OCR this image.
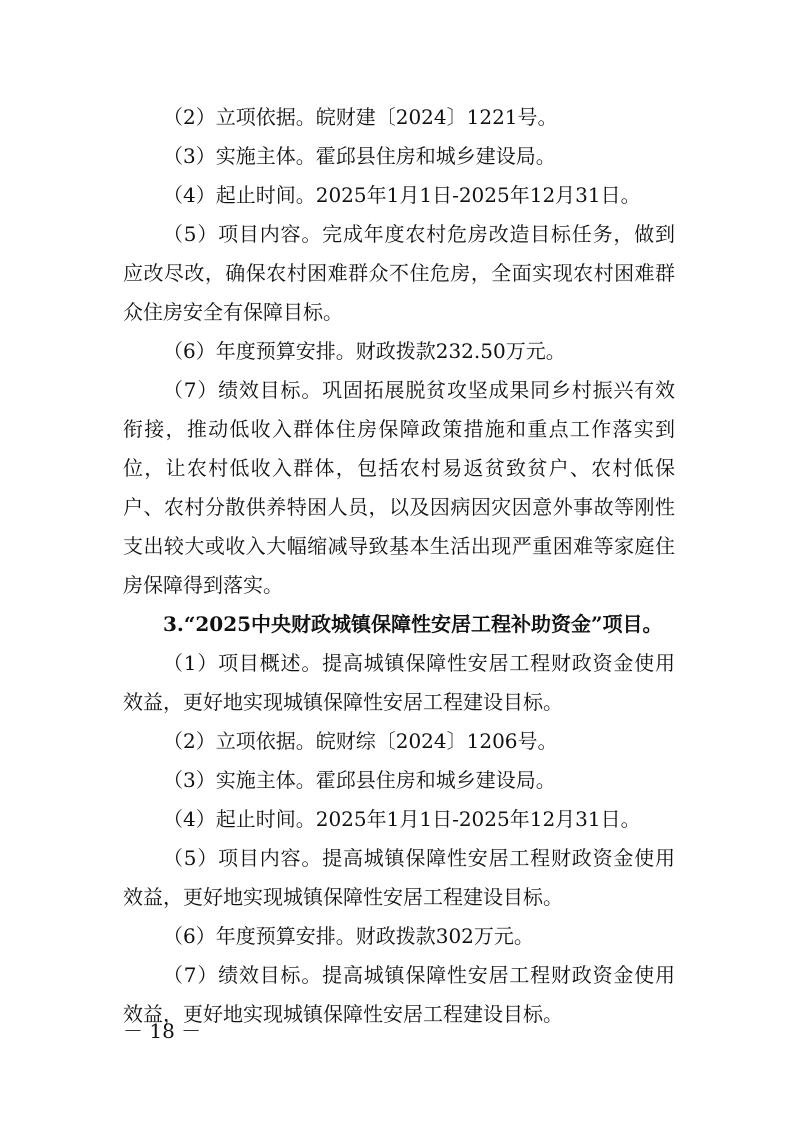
（2）立项依据。皖财建〔2024〕1221号。

（3）实施主体。霍邱县住房和城乡建设局。

（4）起止时间。2025年1月1日-2025年12月31日。

（5）项目内容。完成年度农村危房改造目标任务，做到应改尽改，确保农村困难群众不住危房，全面实现农村困难群众住房安全有保障目标。

（6）年度预算安排。财政拨款232.50万元。

（7）绩效目标。巩固拓展脱贫攻坚成果同乡村振兴有效衔接，推动低收入群体住房保障政策措施和重点工作落实到位，让农村低收入群体，包括农村易返贫致贫户、农村低保户、农村分散供养特困人员，以及因病因灾因意外事故等刚性支出较大或收入大幅缩减导致基本生活出现严重困难等家庭住房保障得到落实。

3.“2025中央财政城镇保障性安居工程补助资金”项目。

（1）项目概述。提高城镇保障性安居工程财政资金使用效益，更好地实现城镇保障性安居工程建设目标。

（2）立项依据。皖财综〔2024〕1206号。

（3）实施主体。霍邱县住房和城乡建设局。

（4）起止时间。2025年1月1日-2025年12月31日。

（5）项目内容。提高城镇保障性安居工程财政资金使用效益，更好地实现城镇保障性安居工程建设目标。

（6）年度预算安排。财政拨款302万元。

（7）绩效目标。提高城镇保障性安居工程财政资金使用效益，更好地实现城镇保障性安居工程建设目标。

－ 18 －
